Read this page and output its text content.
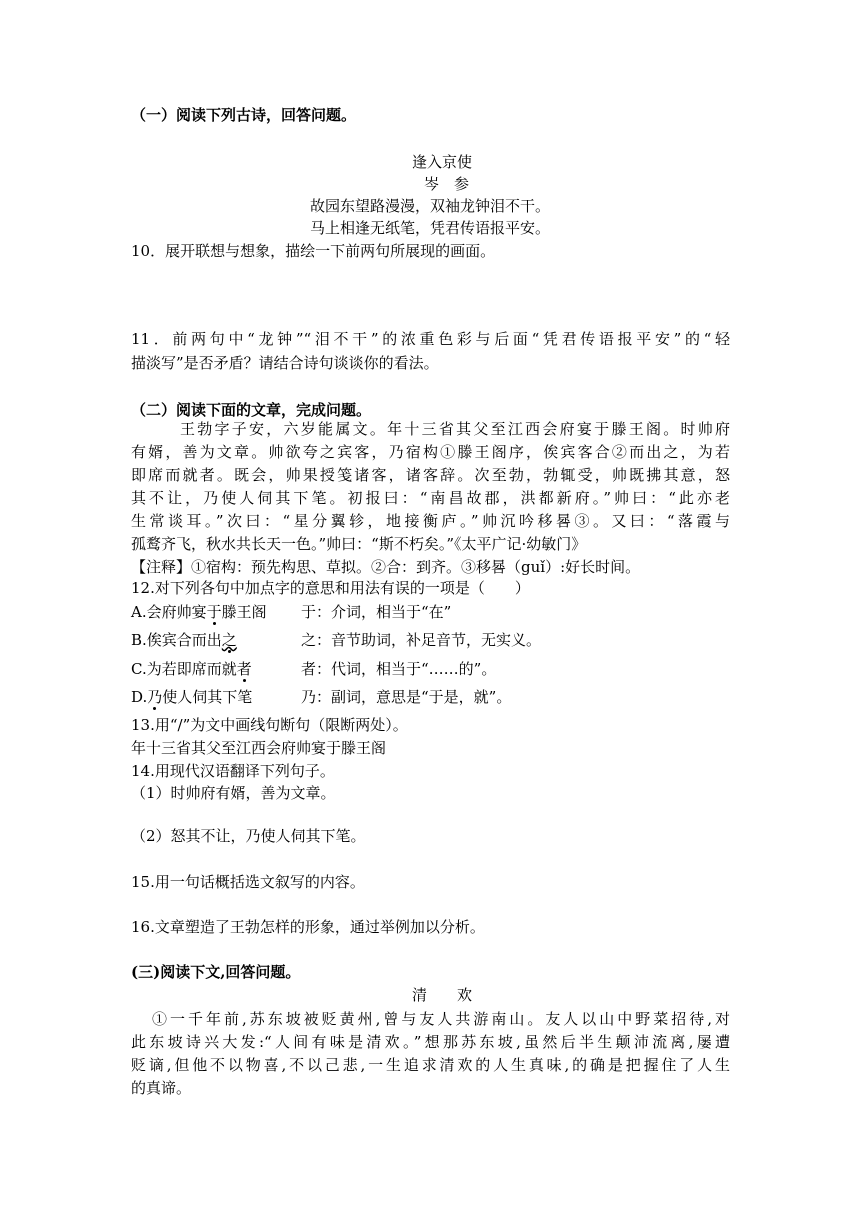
（一）阅读下列古诗，回答问题。
逢入京使
岑　参
故园东望路漫漫，双袖龙钟泪不干。
马上相逢无纸笔，凭君传语报平安。
10．展开联想与想象，描绘一下前两句所展现的画面。
11．前两句中“龙钟”“泪不干”的浓重色彩与后面“凭君传语报平安”的“轻
描淡写”是否矛盾？请结合诗句谈谈你的看法。
（二）阅读下面的文章，完成问题。
王勃字子安，六岁能属文。年十三省其父至江西会府宴于滕王阁。时帅府
有婿，善为文章。帅欲夸之宾客，乃宿构①滕王阁序，俟宾客合②而出之，为若
即席而就者。既会，帅果授笺诸客，诸客辞。次至勃，勃辄受，帅既拂其意，怒
其不让，乃使人伺其下笔。初报曰：“南昌故郡，洪都新府。”帅曰：“此亦老
生常谈耳。”次曰：“星分翼轸，地接衡庐。”帅沉吟移晷③。又曰：“落霞与
孤鹜齐飞，秋水共长天一色。”帅曰：“斯不朽矣。”《太平广记·幼敏门》
【注释】①宿构：预先构思、草拟。②合：到齐。③移晷（guǐ）:好长时间。
12.对下列各句中加点字的意思和用法有误的一项是（　　）
A.会府帅宴于滕王阁 于：介词，相当于“在”
B.俟宾合而出之	之：音节助词，补足音节，无实义。
C.为若即席而就者	者：代词，相当于“……的”。
D.乃使人伺其下笔	乃：副词，意思是“于是，就”。
13.用“/”为文中画线句断句（限断两处）。
年十三省其父至江西会府帅宴于滕王阁
14.用现代汉语翻译下列句子。
（1）时帅府有婿，善为文章。
（2）怒其不让，乃使人伺其下笔。
15.用一句话概括选文叙写的内容。
16.文章塑造了王勃怎样的形象，通过举例加以分析。
(三)阅读下文,回答问题。
清　　欢
①一千年前,苏东坡被贬黄州,曾与友人共游南山。友人以山中野菜招待,对
此东坡诗兴大发:“人间有味是清欢。”想那苏东坡,虽然后半生颠沛流离,屡遭
贬谪,但他不以物喜,不以己悲,一生追求清欢的人生真味,的确是把握住了人生
的真谛。
